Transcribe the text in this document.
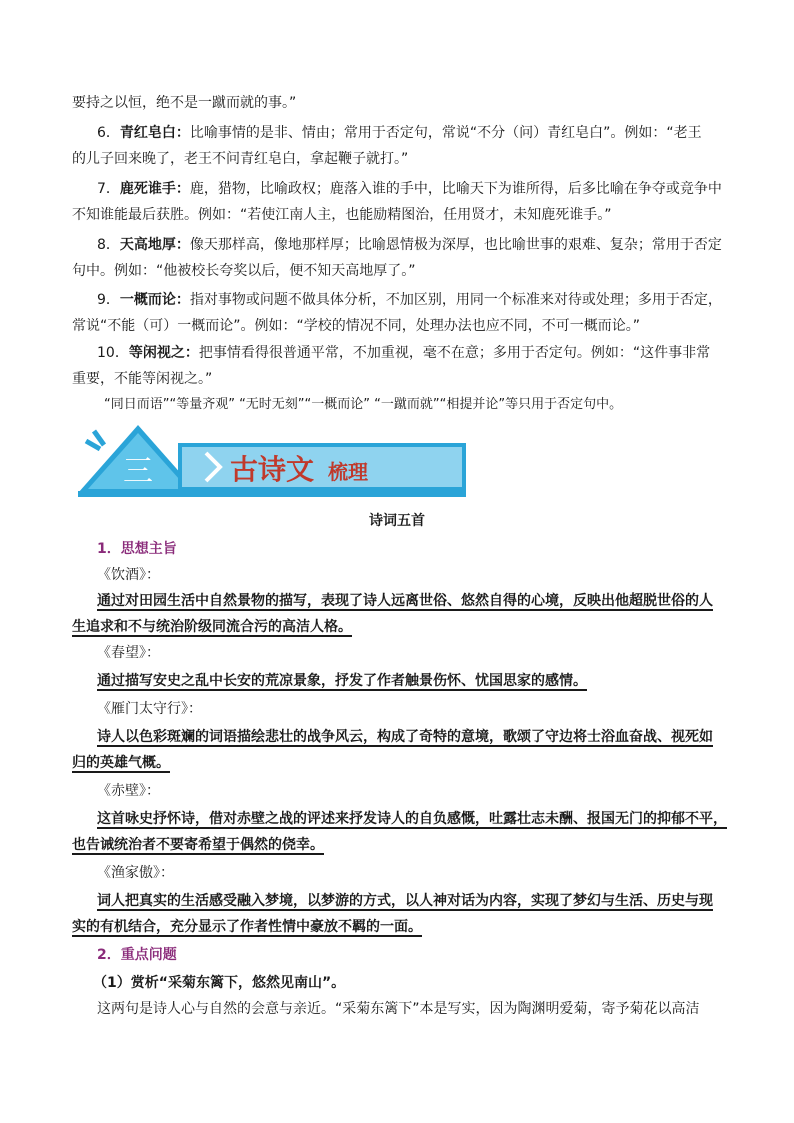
要持之以恒，绝不是一蹴而就的事。”
6．青红皂白：比喻事情的是非、情由；常用于否定句，常说“不分（问）青红皂白”。例如：“老王
的儿子回来晚了，老王不问青红皂白，拿起鞭子就打。”
7．鹿死谁手：鹿，猎物，比喻政权；鹿落入谁的手中，比喻天下为谁所得，后多比喻在争夺或竞争中
不知谁能最后获胜。例如：“若使江南人主，也能励精图治，任用贤才，未知鹿死谁手。”
8．天高地厚：像天那样高，像地那样厚；比喻恩情极为深厚，也比喻世事的艰难、复杂；常用于否定
句中。例如：“他被校长夸奖以后，便不知天高地厚了。”
9．一概而论：指对事物或问题不做具体分析，不加区别，用同一个标准来对待或处理；多用于否定，
常说“不能（可）一概而论”。例如：“学校的情况不同，处理办法也应不同，不可一概而论。”
10．等闲视之：把事情看得很普通平常，不加重视，毫不在意；多用于否定句。例如：“这件事非常
重要，不能等闲视之。”
“同日而语”“等量齐观” “无时无刻”“一概而论” “一蹴而就”“相提并论”等只用于否定句中。
三	古诗文 梳理
诗词五首
1．思想主旨
《饮酒》：
通过对田园生活中自然景物的描写，表现了诗人远离世俗、悠然自得的心境，反映出他超脱世俗的人
生追求和不与统治阶级同流合污的高洁人格。
《春望》：
通过描写安史之乱中长安的荒凉景象，抒发了作者触景伤怀、忧国思家的感情。
《雁门太守行》：
诗人以色彩斑斓的词语描绘悲壮的战争风云，构成了奇特的意境，歌颂了守边将士浴血奋战、视死如
归的英雄气概。
《赤壁》：
这首咏史抒怀诗，借对赤壁之战的评述来抒发诗人的自负感慨，吐露壮志未酬、报国无门的抑郁不平，
也告诫统治者不要寄希望于偶然的侥幸。
《渔家傲》：
词人把真实的生活感受融入梦境，以梦游的方式，以人神对话为内容，实现了梦幻与生活、历史与现
实的有机结合，充分显示了作者性情中豪放不羁的一面。
2．重点问题
（1）赏析“采菊东篱下，悠然见南山”。
这两句是诗人心与自然的会意与亲近。“采菊东篱下”本是写实，因为陶渊明爱菊，寄予菊花以高洁
